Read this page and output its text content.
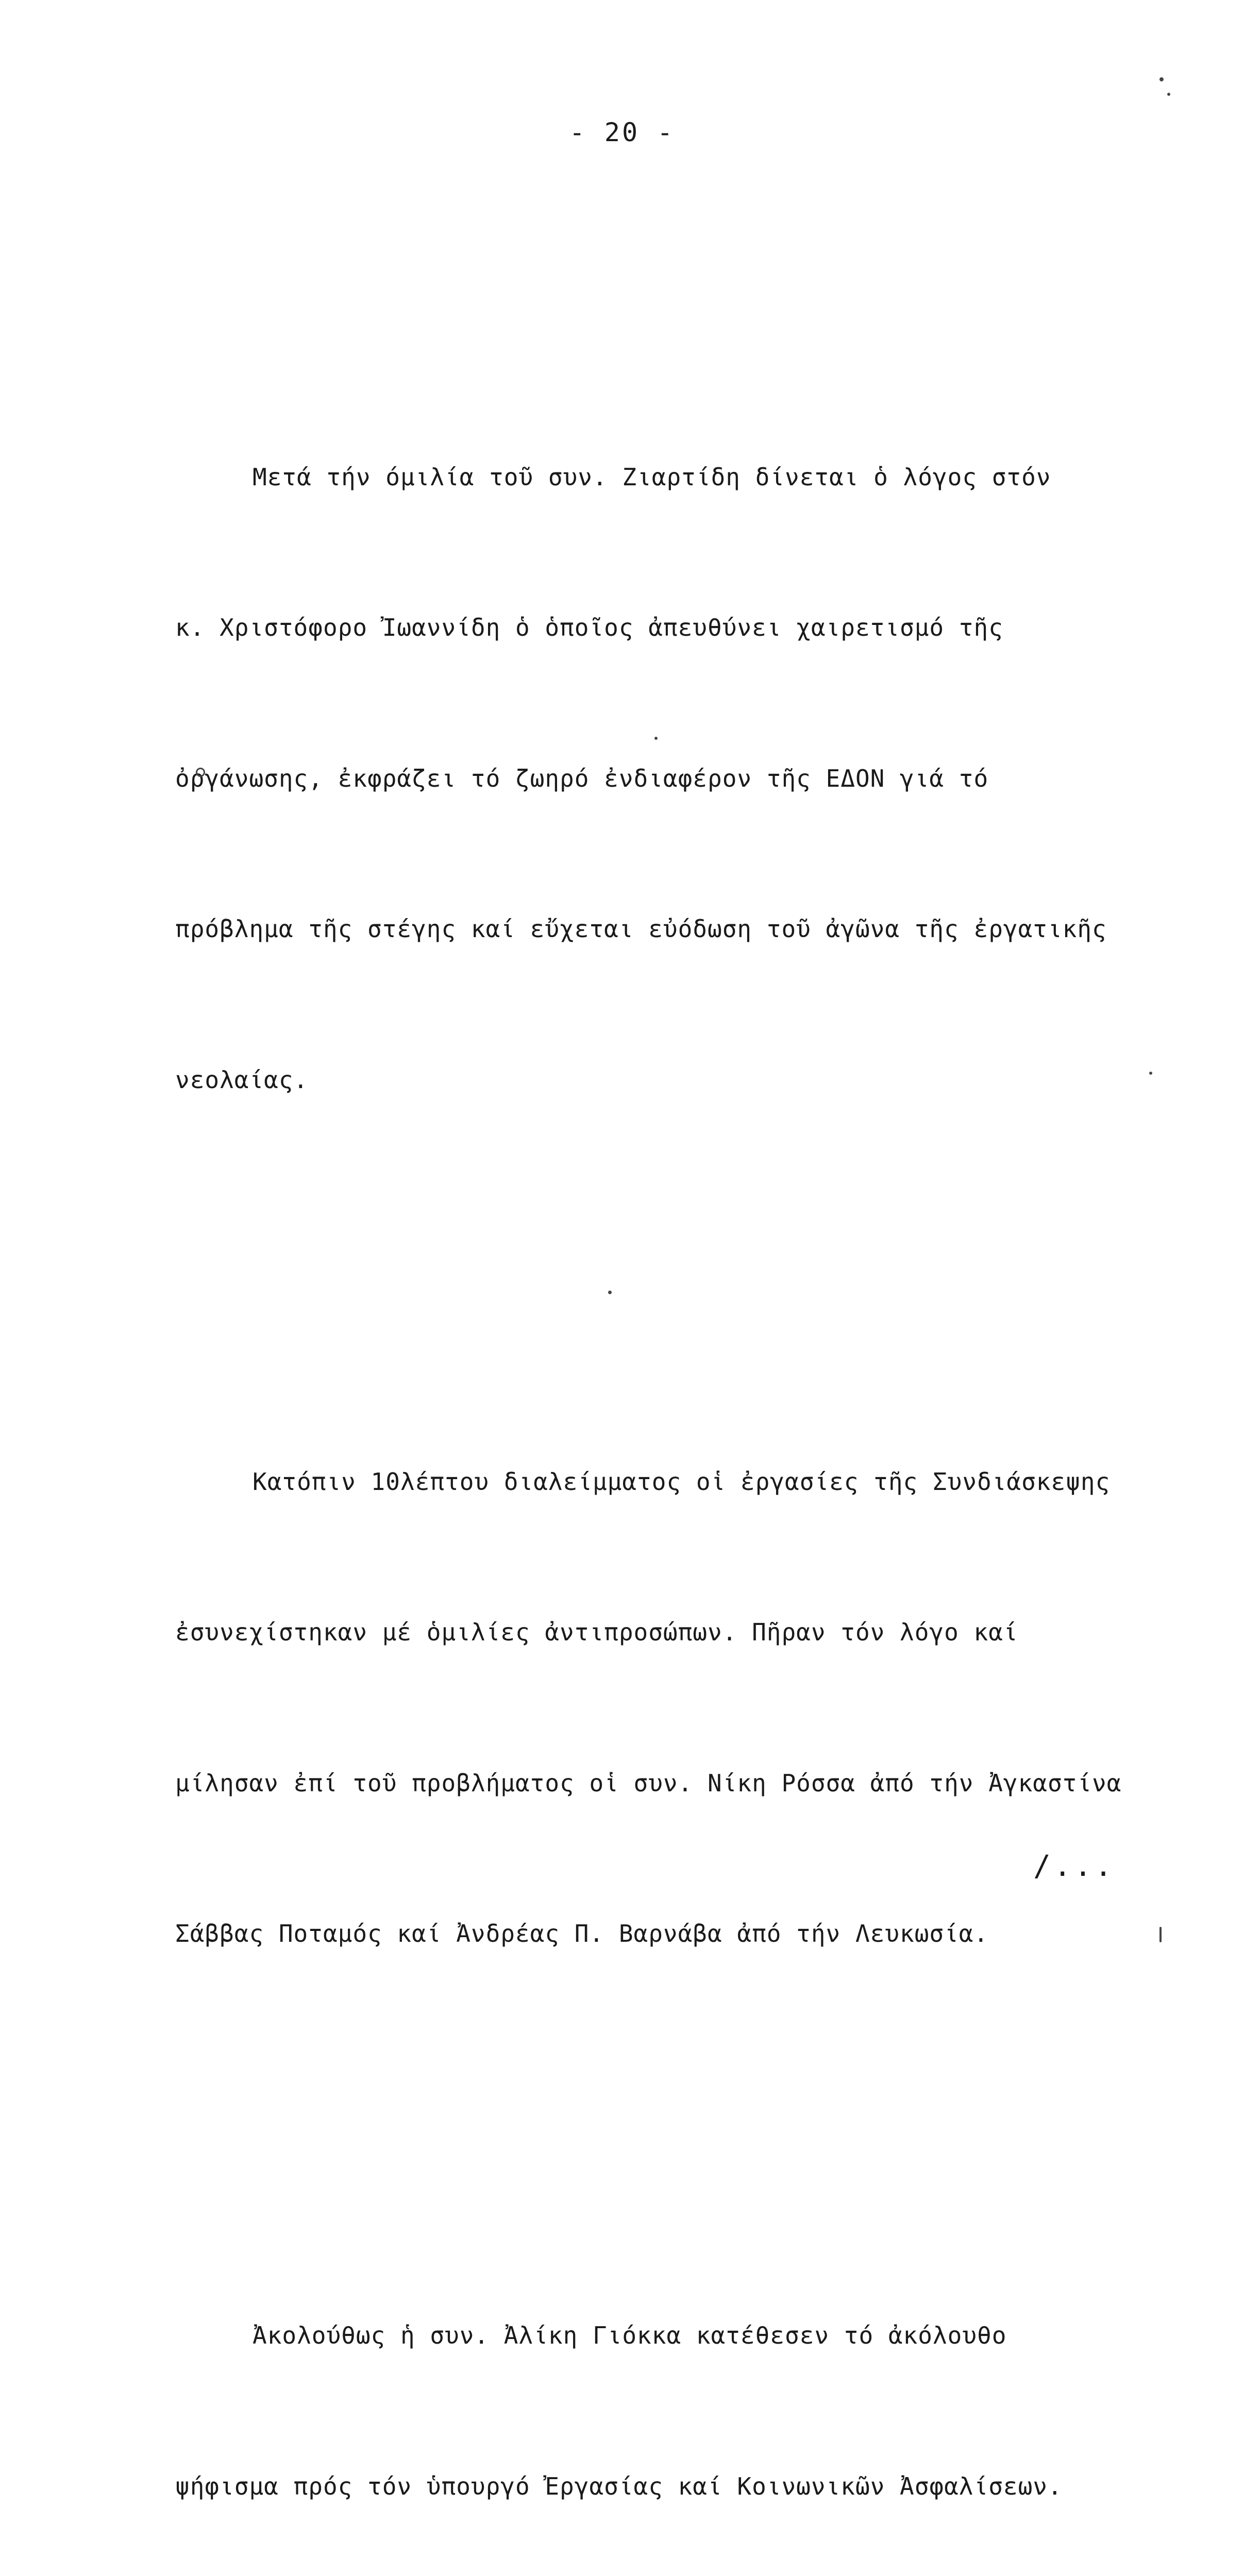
- 20 -

Μετά τήν όμιλία τοῦ συν. Ζιαρτίδη δίνεται ὁ λόγος στόν

κ. Χριστόφορο Ἰωαννίδη ὁ ὁποῖος ἀπευθύνει χαιρετισμό τῆς

ὀργάνωσης, ἐκφράζει τό ζωηρό ἐνδιαφέρον τῆς ΕΔΟΝ γιά τό

πρόβλημα τῆς στέγης καί εὔχεται εὐόδωση τοῦ ἀγῶνα τῆς ἐργατικῆς

νεολαίας.

Κατόπιν 10λέπτου διαλείμματος οἱ ἐργασίες τῆς Συνδιάσκεψης

ἐσυνεχίστηκαν μέ ὁμιλίες ἀντιπροσώπων. Πῆραν τόν λόγο καί

μίλησαν ἐπί τοῦ προβλήματος οἱ συν. Νίκη Ρόσσα ἀπό τήν Ἀγκαστίνα

Σάββας Ποταμός καί Ἀνδρέας Π. Βαρνάβα ἀπό τήν Λευκωσία.

Ἀκολούθως ἡ συν. Ἀλίκη Γιόκκα κατέθεσεν τό ἀκόλουθο

ψήφισμα πρός τόν ὑπουργό Ἐργασίας καί Κοινωνικῶν Ἀσφαλίσεων.

/...
